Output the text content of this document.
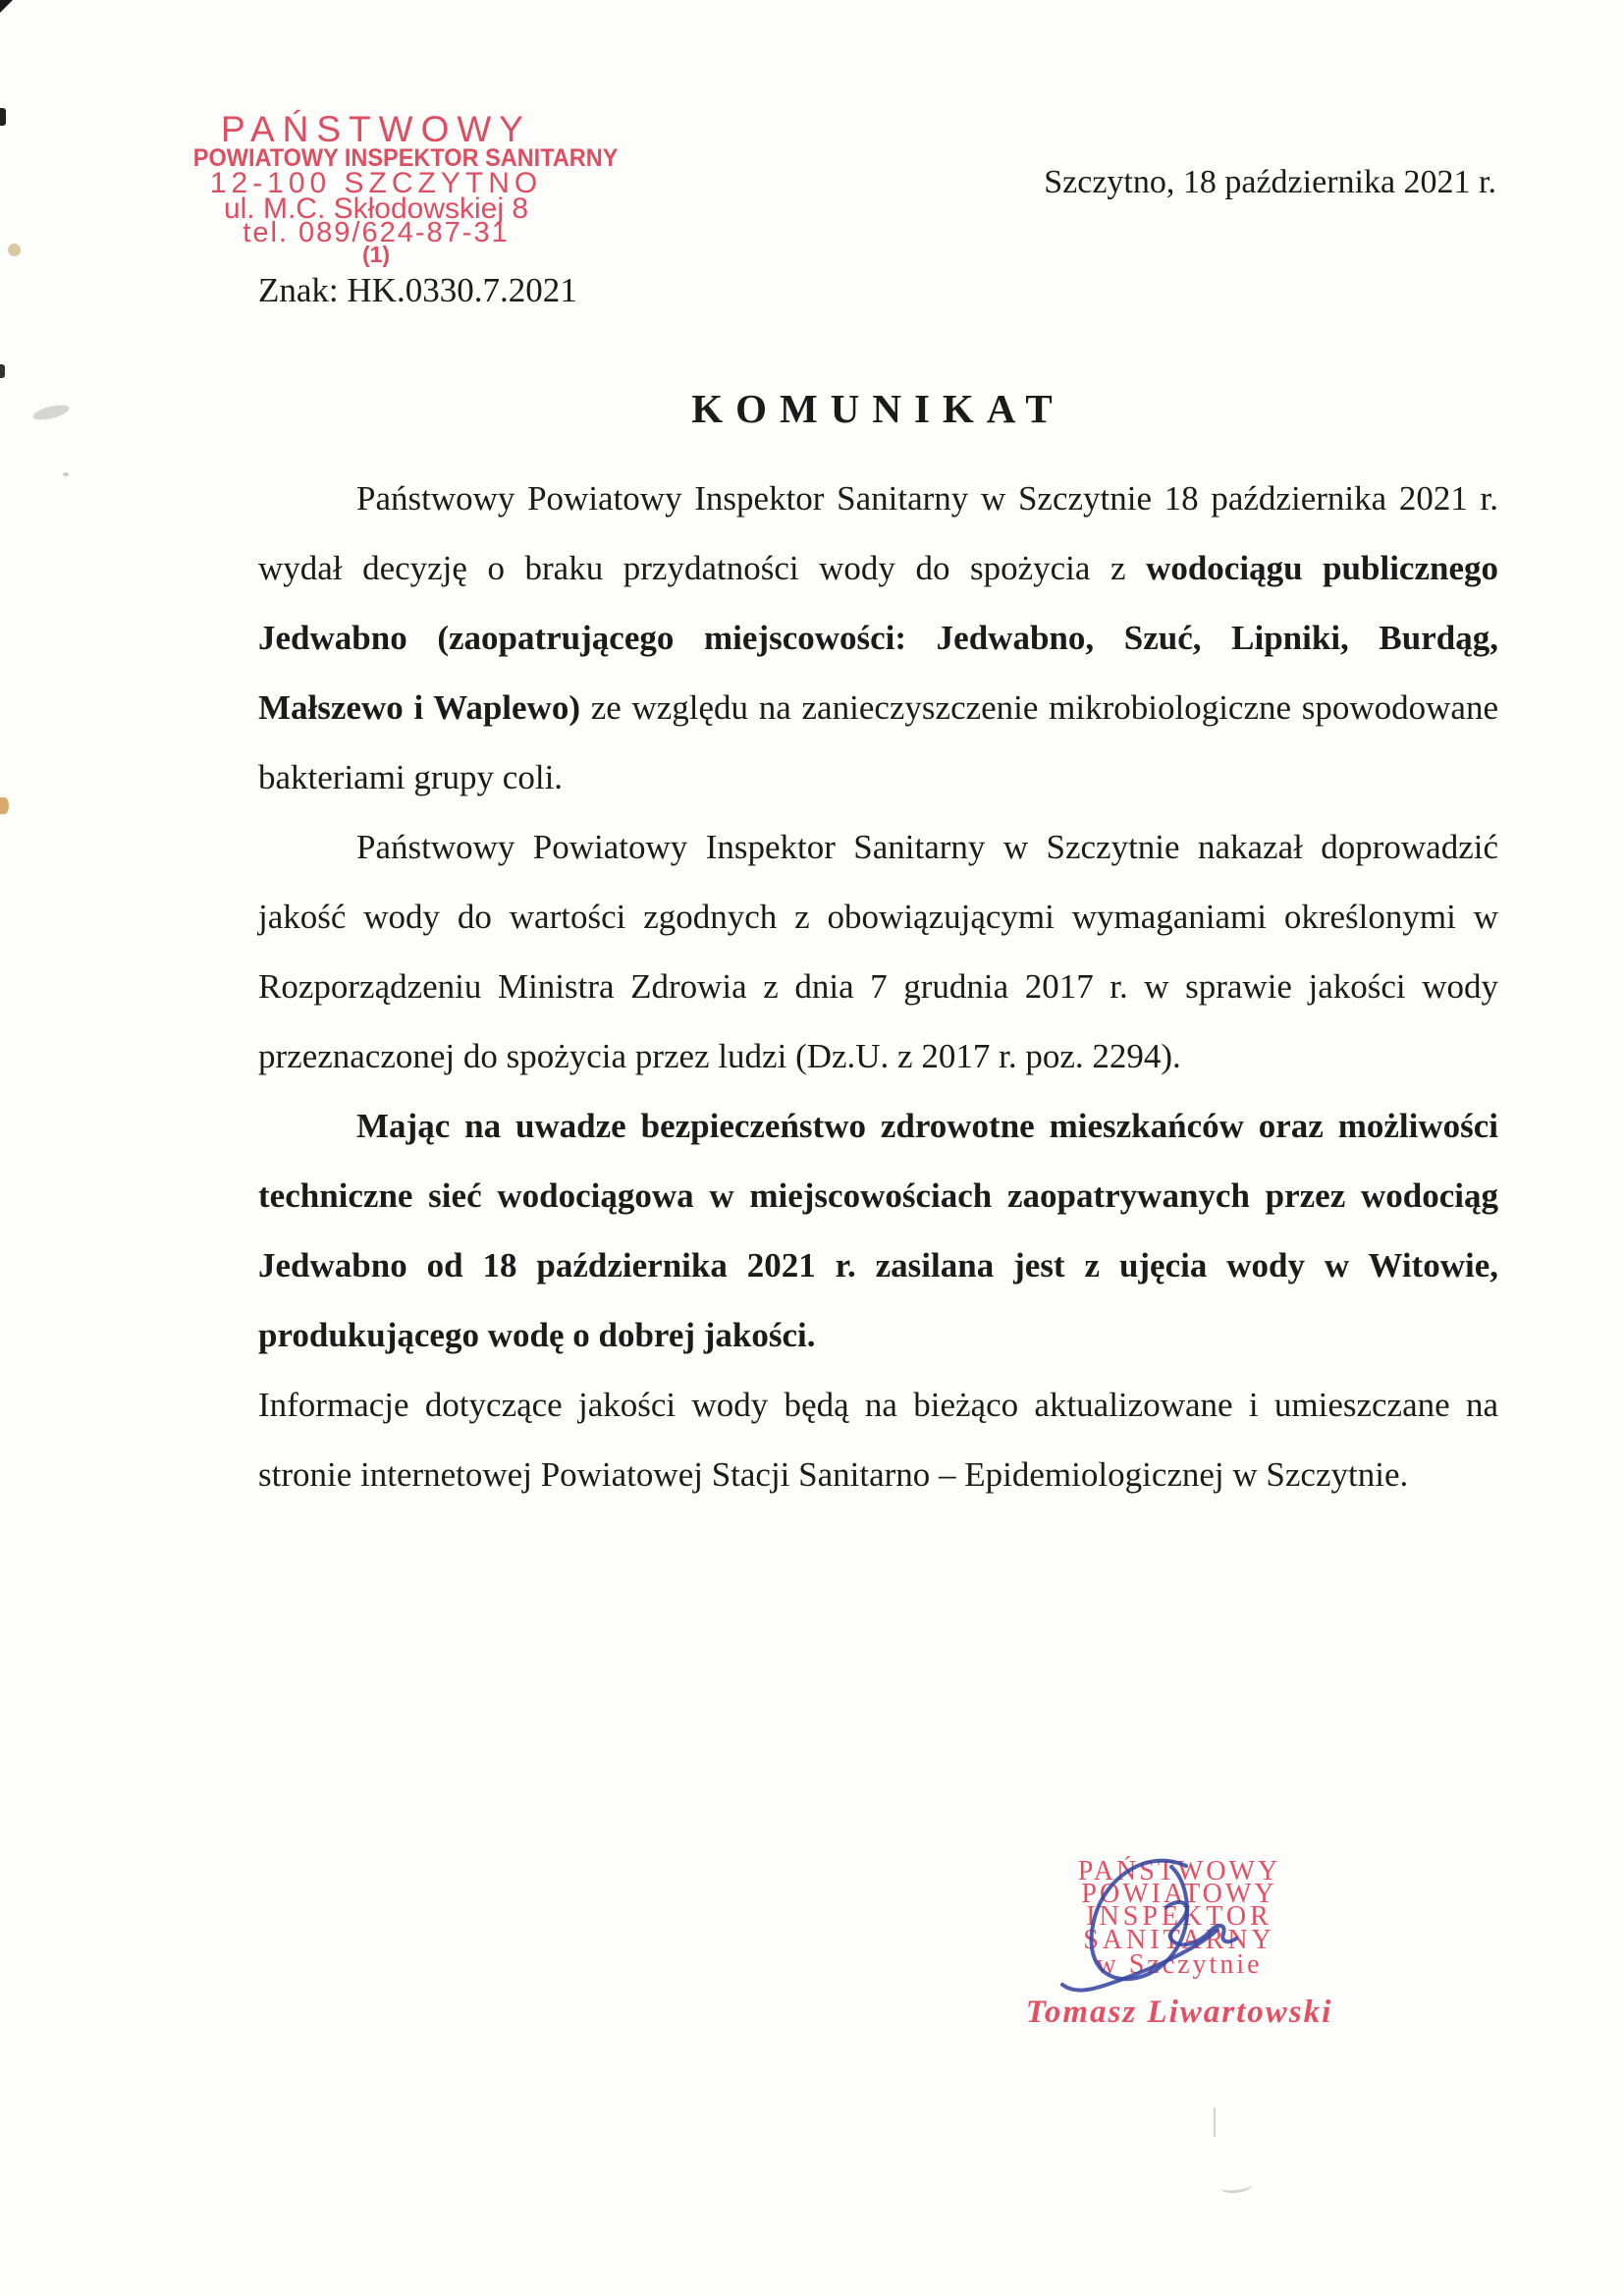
PAŃSTWOWY
POWIATOWY INSPEKTOR SANITARNY
12-100 SZCZYTNO
ul. M.C. Skłodowskiej 8
tel. 089/624-87-31
(1)
Szczytno, 18 października 2021 r.
Znak: HK.0330.7.2021
KOMUNIKAT

Państwowy Powiatowy Inspektor Sanitarny w Szczytnie 18 października 2021 r. wydał decyzję o braku przydatności wody do spożycia z wodociągu publicznego Jedwabno (zaopatrującego miejscowości: Jedwabno, Szuć, Lipniki, Burdąg, Małszewo i Waplewo) ze względu na zanieczyszczenie mikrobiologiczne spowodowane bakteriami grupy coli.

Państwowy Powiatowy Inspektor Sanitarny w Szczytnie nakazał doprowadzić jakość wody do wartości zgodnych z obowiązującymi wymaganiami określonymi w Rozporządzeniu Ministra Zdrowia z dnia 7 grudnia 2017 r. w sprawie jakości wody przeznaczonej do spożycia przez ludzi (Dz.U. z 2017 r. poz. 2294).

Mając na uwadze bezpieczeństwo zdrowotne mieszkańców oraz możliwości techniczne sieć wodociągowa w miejscowościach zaopatrywanych przez wodociąg Jedwabno od 18 października 2021 r. zasilana jest z ujęcia wody w Witowie, produkującego wodę o dobrej jakości.

Informacje dotyczące jakości wody będą na bieżąco aktualizowane i umieszczane na stronie internetowej Powiatowej Stacji Sanitarno – Epidemiologicznej w Szczytnie.

PAŃSTWOWY POWIATOWY
INSPEKTOR SANITARNY
w Szczytnie
Tomasz Liwartowski
